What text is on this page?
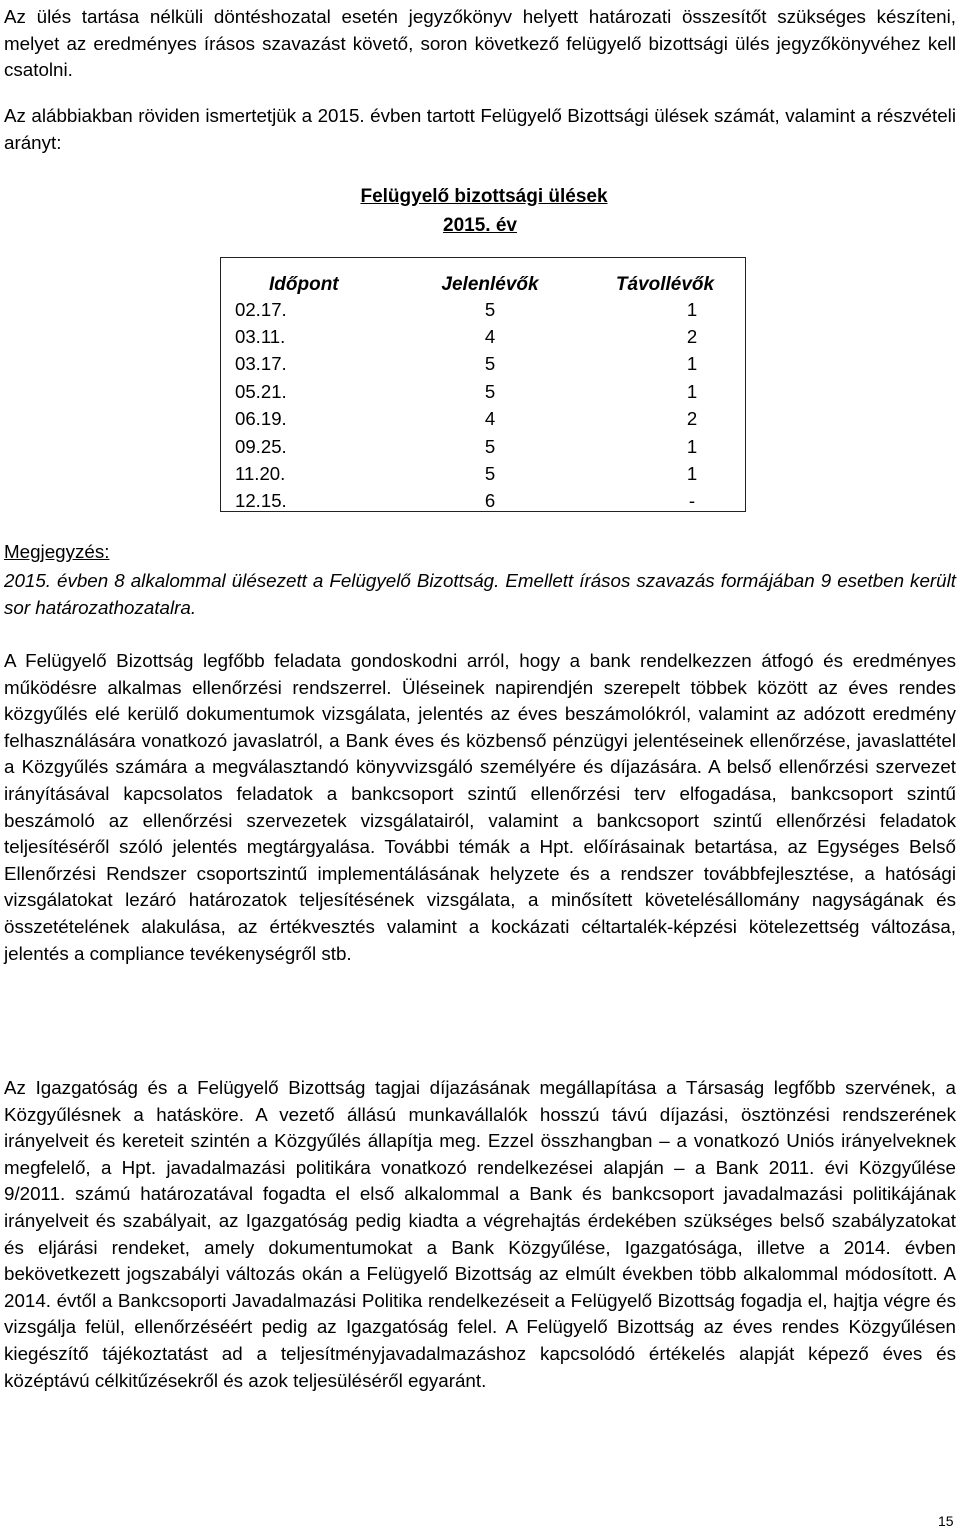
Az ülés tartása nélküli döntéshozatal esetén jegyzőkönyv helyett határozati összesítőt szükséges készíteni, melyet az eredményes írásos szavazást követő, soron következő felügyelő bizottsági ülés jegyzőkönyvéhez kell csatolni.

Az alábbiakban röviden ismertetjük a 2015. évben tartott Felügyelő Bizottsági ülések számát, valamint a részvételi arányt:

Felügyelő bizottsági ülések
2015. év
Időpont	Jelenlévők	Távollévők
02.17.	5	1
03.11.	4	2
03.17.	5	1
05.21.	5	1
06.19.	4	2
09.25.	5	1
11.20.	5	1
12.15.	6	-
Megjegyzés:

2015. évben 8 alkalommal ülésezett a Felügyelő Bizottság. Emellett írásos szavazás formájában 9 esetben került sor határozathozatalra.

A Felügyelő Bizottság legfőbb feladata gondoskodni arról, hogy a bank rendelkezzen átfogó és eredményes működésre alkalmas ellenőrzési rendszerrel. Üléseinek napirendjén szerepelt többek között az éves rendes közgyűlés elé kerülő dokumentumok vizsgálata, jelentés az éves beszámolókról, valamint az adózott eredmény felhasználására vonatkozó javaslatról, a Bank éves és közbenső pénzügyi jelentéseinek ellenőrzése, javaslattétel a Közgyűlés számára a megválasztandó könyvvizsgáló személyére és díjazására. A belső ellenőrzési szervezet irányításával kapcsolatos feladatok a bankcsoport szintű ellenőrzési terv elfogadása, bankcsoport szintű beszámoló az ellenőrzési szervezetek vizsgálatairól, valamint a bankcsoport szintű ellenőrzési feladatok teljesítéséről szóló jelentés megtárgyalása. További témák a Hpt. előírásainak betartása, az Egységes Belső Ellenőrzési Rendszer csoportszintű implementálásának helyzete és a rendszer továbbfejlesztése, a hatósági vizsgálatokat lezáró határozatok teljesítésének vizsgálata, a minősített követelésállomány nagyságának és összetételének alakulása, az értékvesztés valamint a kockázati céltartalék-képzési kötelezettség változása, jelentés a compliance tevékenységről stb.

Az Igazgatóság és a Felügyelő Bizottság tagjai díjazásának megállapítása a Társaság legfőbb szervének, a Közgyűlésnek a hatásköre. A vezető állású munkavállalók hosszú távú díjazási, ösztönzési rendszerének irányelveit és kereteit szintén a Közgyűlés állapítja meg. Ezzel összhangban – a vonatkozó Uniós irányelveknek megfelelő, a Hpt. javadalmazási politikára vonatkozó rendelkezései alapján – a Bank 2011. évi Közgyűlése 9/2011. számú határozatával fogadta el első alkalommal a Bank és bankcsoport javadalmazási politikájának irányelveit és szabályait, az Igazgatóság pedig kiadta a végrehajtás érdekében szükséges belső szabályzatokat és eljárási rendeket, amely dokumentumokat a Bank Közgyűlése, Igazgatósága, illetve a 2014. évben bekövetkezett jogszabályi változás okán a Felügyelő Bizottság az elmúlt években több alkalommal módosított. A 2014. évtől a Bankcsoporti Javadalmazási Politika rendelkezéseit a Felügyelő Bizottság fogadja el, hajtja végre és vizsgálja felül, ellenőrzéséért pedig az Igazgatóság felel. A Felügyelő Bizottság az éves rendes Közgyűlésen kiegészítő tájékoztatást ad a teljesítményjavadalmazáshoz kapcsolódó értékelés alapját képező éves és középtávú célkitűzésekről és azok teljesüléséről egyaránt.

15
